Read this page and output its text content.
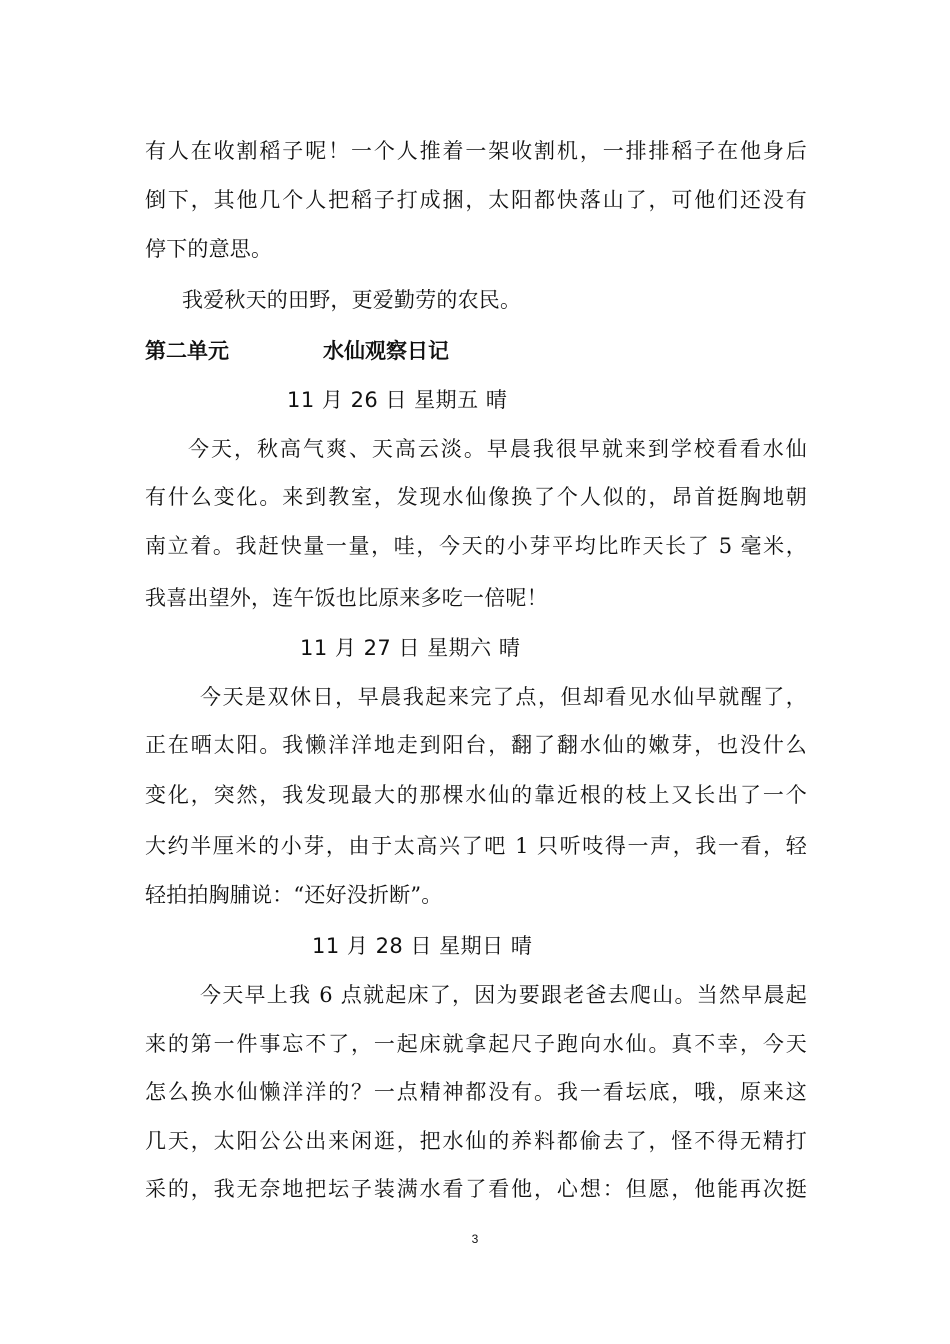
有人在收割稻子呢！一个人推着一架收割机，一排排稻子在他身后
倒下，其他几个人把稻子打成捆，太阳都快落山了，可他们还没有
停下的意思。
我爱秋天的田野，更爱勤劳的农民。
第二单元	水仙观察日记
11 月 26 日 星期五 晴
今天，秋高气爽、天高云淡。早晨我很早就来到学校看看水仙
有什么变化。来到教室，发现水仙像换了个人似的，昂首挺胸地朝
南立着。我赶快量一量，哇，今天的小芽平均比昨天长了 5 毫米，
我喜出望外，连午饭也比原来多吃一倍呢！
11 月 27 日 星期六 晴
今天是双休日，早晨我起来完了点，但却看见水仙早就醒了，
正在晒太阳。我懒洋洋地走到阳台，翻了翻水仙的嫩芽，也没什么
变化，突然，我发现最大的那棵水仙的靠近根的枝上又长出了一个
大约半厘米的小芽，由于太高兴了吧 1 只听吱得一声，我一看，轻
轻拍拍胸脯说：“还好没折断”。
11 月 28 日 星期日 晴
今天早上我 6 点就起床了，因为要跟老爸去爬山。当然早晨起
来的第一件事忘不了，一起床就拿起尺子跑向水仙。真不幸，今天
怎么换水仙懒洋洋的？一点精神都没有。我一看坛底，哦，原来这
几天，太阳公公出来闲逛，把水仙的养料都偷去了，怪不得无精打
采的，我无奈地把坛子装满水看了看他，心想：但愿，他能再次挺
3
